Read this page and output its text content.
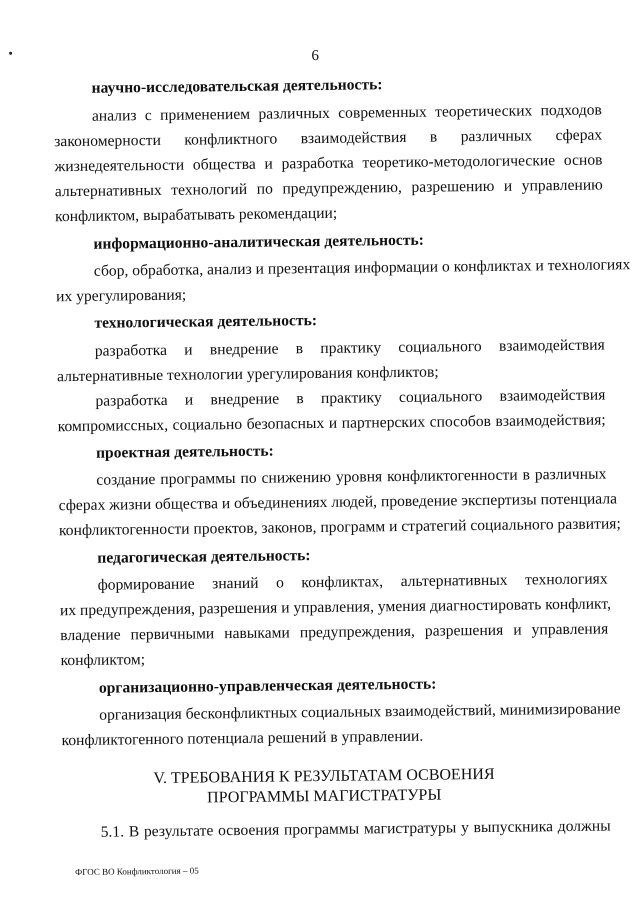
6
научно-исследовательская деятельность:
анализ с применением различных современных теоретических подходов
закономерности конфликтного взаимодействия в различных сферах
жизнедеятельности общества и разработка теоретико-методологические основ
альтернативных технологий по предупреждению, разрешению и управлению
конфликтом, вырабатывать рекомендации;
информационно-аналитическая деятельность:
сбор, обработка, анализ и презентация информации о конфликтах и технологиях
их урегулирования;
технологическая деятельность:
разработка и внедрение в практику социального взаимодействия
альтернативные технологии урегулирования конфликтов;
разработка и внедрение в практику социального взаимодействия
компромиссных, социально безопасных и партнерских способов взаимодействия;
проектная деятельность:
создание программы по снижению уровня конфликтогенности в различных
сферах жизни общества и объединениях людей, проведение экспертизы потенциала
конфликтогенности проектов, законов, программ и стратегий социального развития;
педагогическая деятельность:
формирование знаний о конфликтах, альтернативных технологиях
их предупреждения, разрешения и управления, умения диагностировать конфликт,
владение первичными навыками предупреждения, разрешения и управления
конфликтом;
организационно-управленческая деятельность:
организация бесконфликтных социальных взаимодействий, минимизирование
конфликтогенного потенциала решений в управлении.
V. ТРЕБОВАНИЯ К РЕЗУЛЬТАТАМ ОСВОЕНИЯ
ПРОГРАММЫ МАГИСТРАТУРЫ
5.1. В результате освоения программы магистратуры у выпускника должны
ФГОС ВО Конфликтология – 05
